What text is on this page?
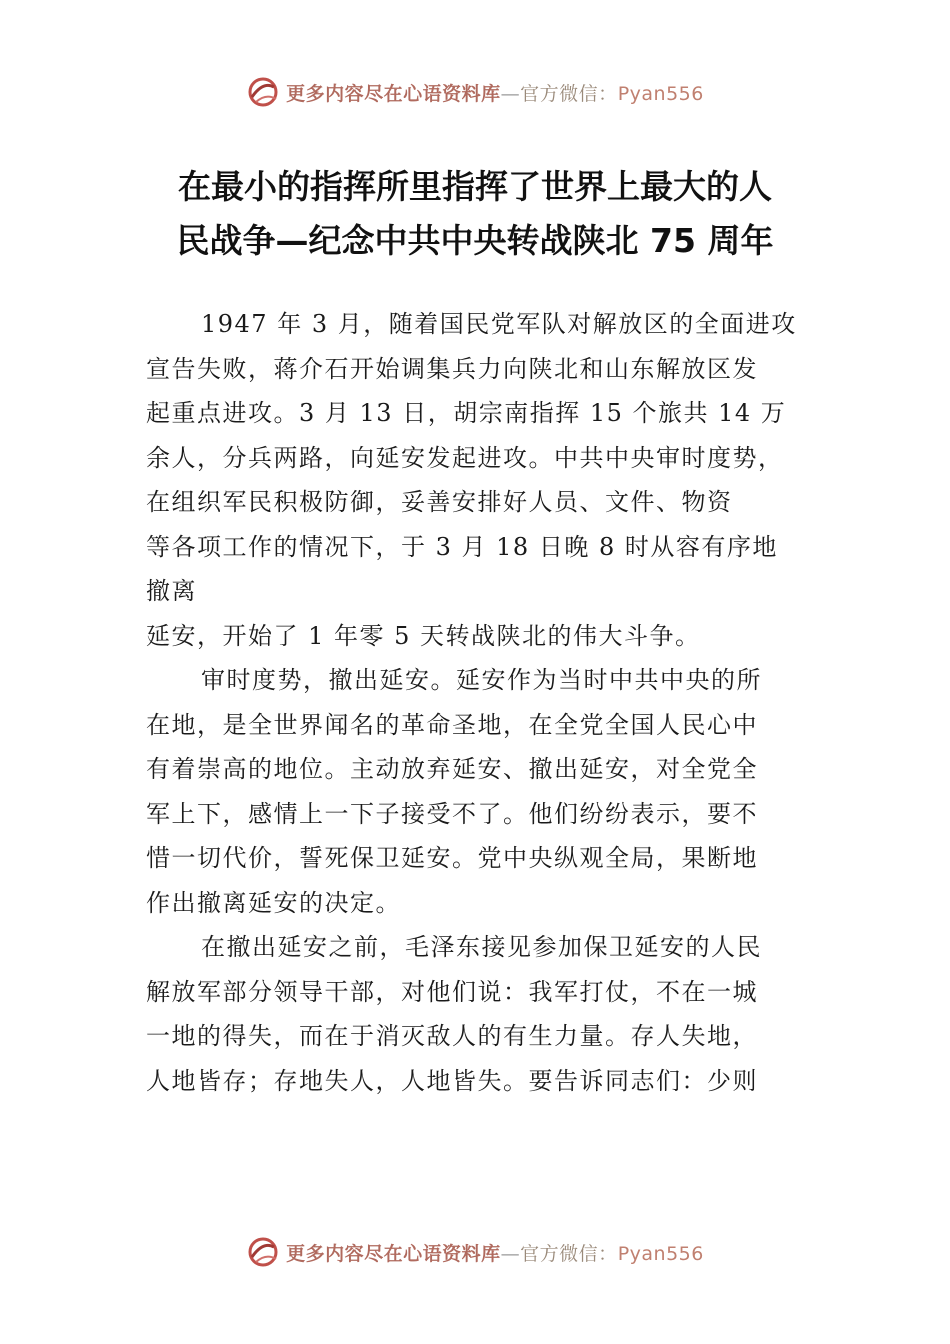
更多内容尽在心语资料库—官方微信：Pyan556
在最小的指挥所里指挥了世界上最大的人
民战争—纪念中共中央转战陕北 75 周年
1947 年 3 月，随着国民党军队对解放区的全面进攻
宣告失败，蒋介石开始调集兵力向陕北和山东解放区发
起重点进攻。3 月 13 日，胡宗南指挥 15 个旅共 14 万
余人，分兵两路，向延安发起进攻。中共中央审时度势，
在组织军民积极防御，妥善安排好人员、文件、物资
等各项工作的情况下，于 3 月 18 日晚 8 时从容有序地
撤离
延安，开始了 1 年零 5 天转战陕北的伟大斗争。
审时度势，撤出延安。延安作为当时中共中央的所
在地，是全世界闻名的革命圣地，在全党全国人民心中
有着崇高的地位。主动放弃延安、撤出延安，对全党全
军上下，感情上一下子接受不了。他们纷纷表示，要不
惜一切代价，誓死保卫延安。党中央纵观全局，果断地
作出撤离延安的决定。
在撤出延安之前，毛泽东接见参加保卫延安的人民
解放军部分领导干部，对他们说：我军打仗，不在一城
一地的得失，而在于消灭敌人的有生力量。存人失地，
人地皆存；存地失人，人地皆失。要告诉同志们：少则
更多内容尽在心语资料库—官方微信：Pyan556
